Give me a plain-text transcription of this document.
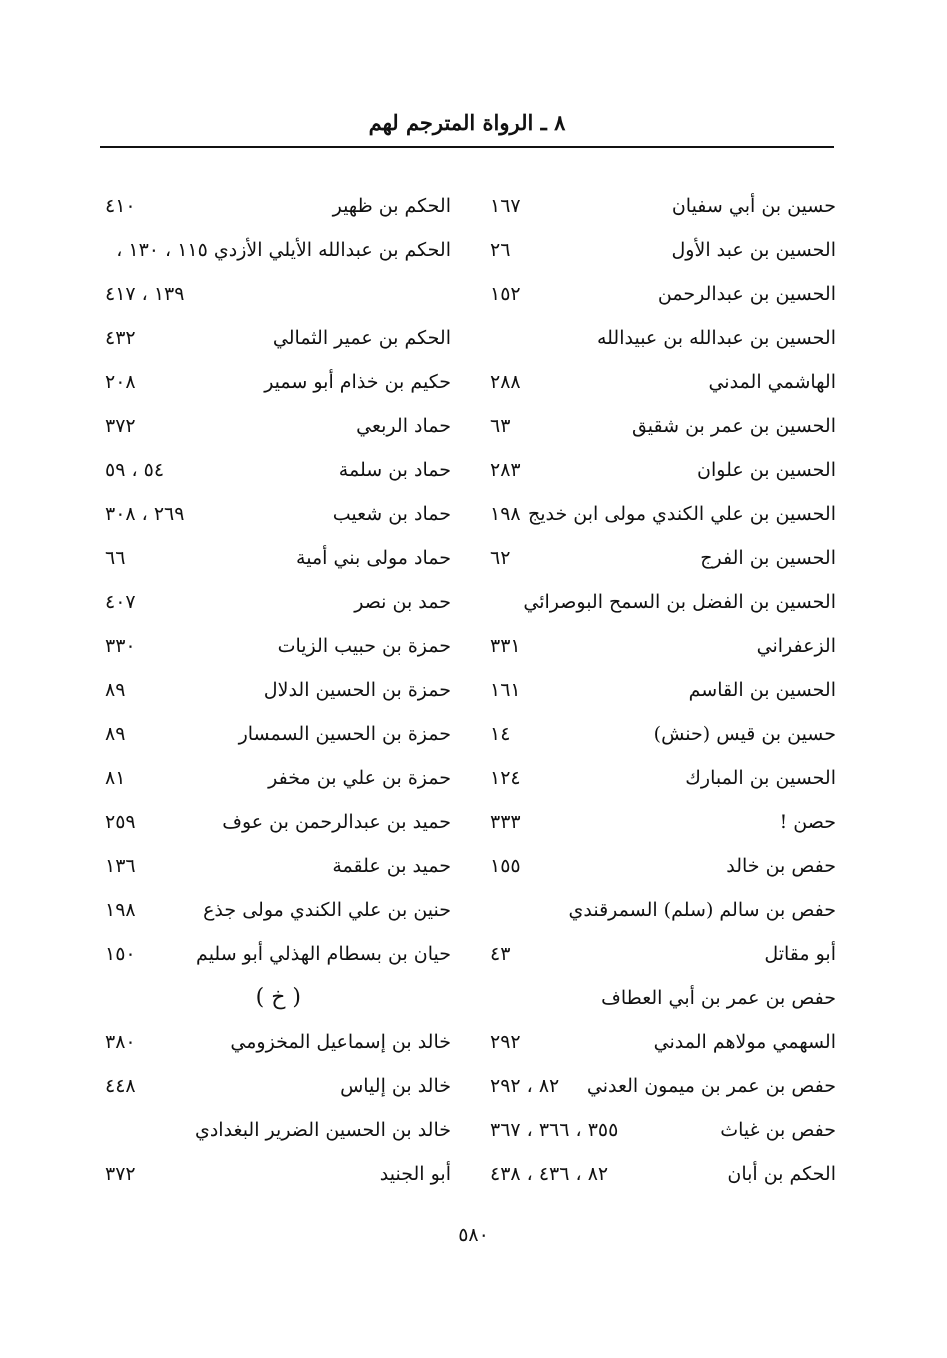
٨ ـ الرواة المترجم لهم
حسين بن أبي سفيان
١٦٧
الحسين بن عبد الأول
٢٦
الحسين بن عبدالرحمن
١٥٢
الحسين بن عبدالله بن عبيدالله
الهاشمي المدني
٢٨٨
الحسين بن عمر بن شقيق
٦٣
الحسين بن علوان
٢٨٣
الحسين بن علي الكندي مولى ابن خديج
١٩٨
الحسين بن الفرج
٦٢
الحسين بن الفضل بن السمح البوصرائي
الزعفراني
٣٣١
الحسين بن القاسم
١٦١
حسين بن قيس (حنش)
١٤
الحسين بن المبارك
١٢٤
حصن !
٣٣٣
حفص بن خالد
١٥٥
حفص بن سالم (سلم) السمرقندي
أبو مقاتل
٤٣
حفص بن عمر بن أبي العطاف
السهمي مولاهم المدني
٢٩٢
حفص بن عمر بن ميمون العدني
٨٢ ، ٢٩٢
حفص بن غياث
٣٥٥ ، ٣٦٦ ، ٣٦٧
الحكم بن أبان
٨٢ ، ٤٣٦ ، ٤٣٨
الحكم بن ظهير
٤١٠
الحكم بن عبدالله الأيلي الأزدي ١١٥ ، ١٣٠ ،
١٣٩ ، ٤١٧
الحكم بن عمير الثمالي
٤٣٢
حكيم بن خذام أبو سمير
٢٠٨
حماد الربعي
٣٧٢
حماد بن سلمة
٥٤ ، ٥٩
حماد بن شعيب
٢٦٩ ، ٣٠٨
حماد مولى بني أمية
٦٦
حمد بن نصر
٤٠٧
حمزة بن حبيب الزيات
٣٣٠
حمزة بن الحسين الدلال
٨٩
حمزة بن الحسين السمسار
٨٩
حمزة بن علي بن مخفر
٨١
حميد بن عبدالرحمن بن عوف
٢٥٩
حميد بن علقمة
١٣٦
حنين بن علي الكندي مولى جذع
١٩٨
حيان بن بسطام الهذلي أبو سليم
١٥٠
( خ )
خالد بن إسماعيل المخزومي
٣٨٠
خالد بن إلياس
٤٤٨
خالد بن الحسين الضرير البغدادي
أبو الجنيد
٣٧٢
٥٨٠
